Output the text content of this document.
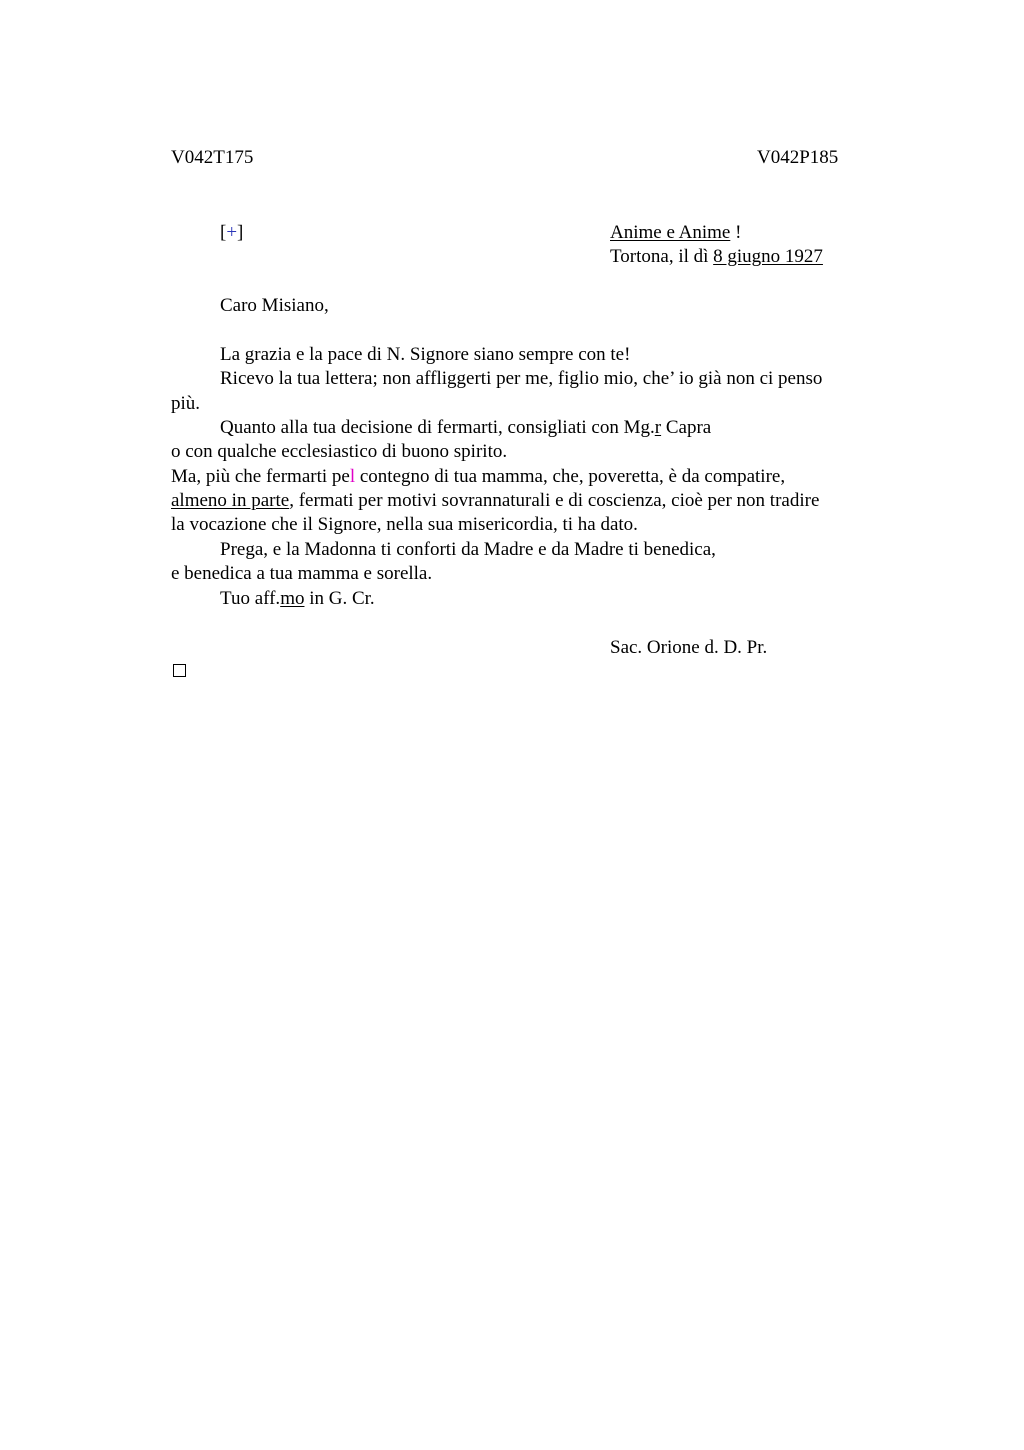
V042T175	V042P185
[+]	Anime e Anime !
Tortona, il dì 8 giugno 1927
Caro Misiano,
La grazia e la pace di N. Signore siano sempre con te!
Ricevo la tua lettera; non affliggerti per me, figlio mio, che’ io già non ci penso
più.
Quanto alla tua decisione di fermarti, consigliati con Mg.r Capra
o con qualche ecclesiastico di buono spirito.
Ma, più che fermarti pel contegno di tua mamma, che, poveretta, è da compatire,
almeno in parte, fermati per motivi sovrannaturali e di coscienza, cioè per non tradire
la vocazione che il Signore, nella sua misericordia, ti ha dato.
Prega, e la Madonna ti conforti da Madre e da Madre ti benedica,
e benedica a tua mamma e sorella.
Tuo aff.mo in G. Cr.
Sac. Orione d. D. Pr.
